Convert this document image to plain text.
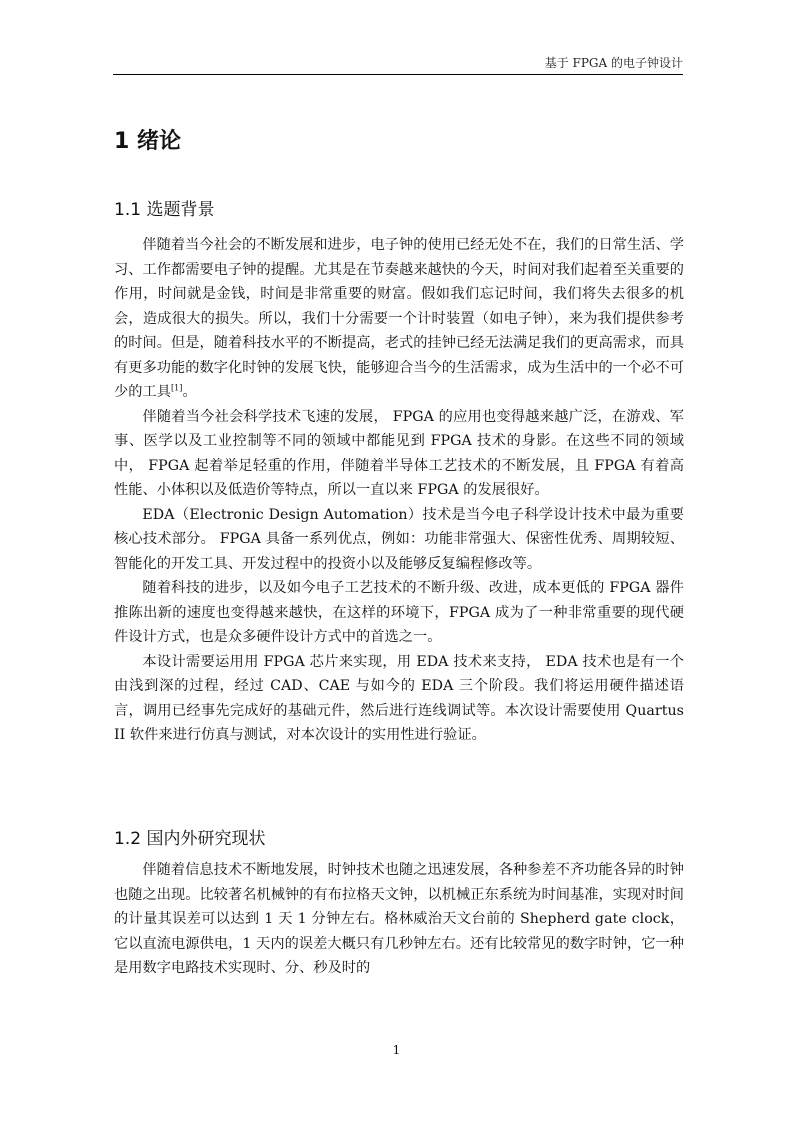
基于 FPGA 的电子钟设计
1 绪论
1.1 选题背景

伴随着当今社会的不断发展和进步，电子钟的使用已经无处不在，我们的日常生活、学习、工作都需要电子钟的提醒。尤其是在节奏越来越快的今天，时间对我们起着至关重要的作用，时间就是金钱，时间是非常重要的财富。假如我们忘记时间，我们将失去很多的机会，造成很大的损失。所以，我们十分需要一个计时装置（如电子钟），来为我们提供参考的时间。但是，随着科技水平的不断提高，老式的挂钟已经无法满足我们的更高需求，而具有更多功能的数字化时钟的发展飞快，能够迎合当今的生活需求，成为生活中的一个必不可少的工具[1]。

伴随着当今社会科学技术飞速的发展， FPGA 的应用也变得越来越广泛，在游戏、军事、医学以及工业控制等不同的领域中都能见到 FPGA 技术的身影。在这些不同的领域中， FPGA 起着举足轻重的作用，伴随着半导体工艺技术的不断发展，且 FPGA 有着高性能、小体积以及低造价等特点，所以一直以来 FPGA 的发展很好。

EDA（Electronic Design Automation）技术是当今电子科学设计技术中最为重要核心技术部分。 FPGA 具备一系列优点，例如：功能非常强大、保密性优秀、周期较短、智能化的开发工具、开发过程中的投资小以及能够反复编程修改等。

随着科技的进步，以及如今电子工艺技术的不断升级、改进，成本更低的 FPGA 器件推陈出新的速度也变得越来越快，在这样的环境下，FPGA 成为了一种非常重要的现代硬件设计方式，也是众多硬件设计方式中的首选之一。

本设计需要运用用 FPGA 芯片来实现，用 EDA 技术来支持， EDA 技术也是有一个由浅到深的过程，经过 CAD、CAE 与如今的 EDA 三个阶段。我们将运用硬件描述语言，调用已经事先完成好的基础元件，然后进行连线调试等。本次设计需要使用 Quartus II 软件来进行仿真与测试，对本次设计的实用性进行验证。

1.2 国内外研究现状

伴随着信息技术不断地发展，时钟技术也随之迅速发展，各种参差不齐功能各异的时钟也随之出现。比较著名机械钟的有布拉格天文钟，以机械正东系统为时间基准，实现对时间的计量其误差可以达到 1 天 1 分钟左右。格林威治天文台前的 Shepherd gate clock，它以直流电源供电，1 天内的误差大概只有几秒钟左右。还有比较常见的数字时钟，它一种是用数字电路技术实现时、分、秒及时的

1
